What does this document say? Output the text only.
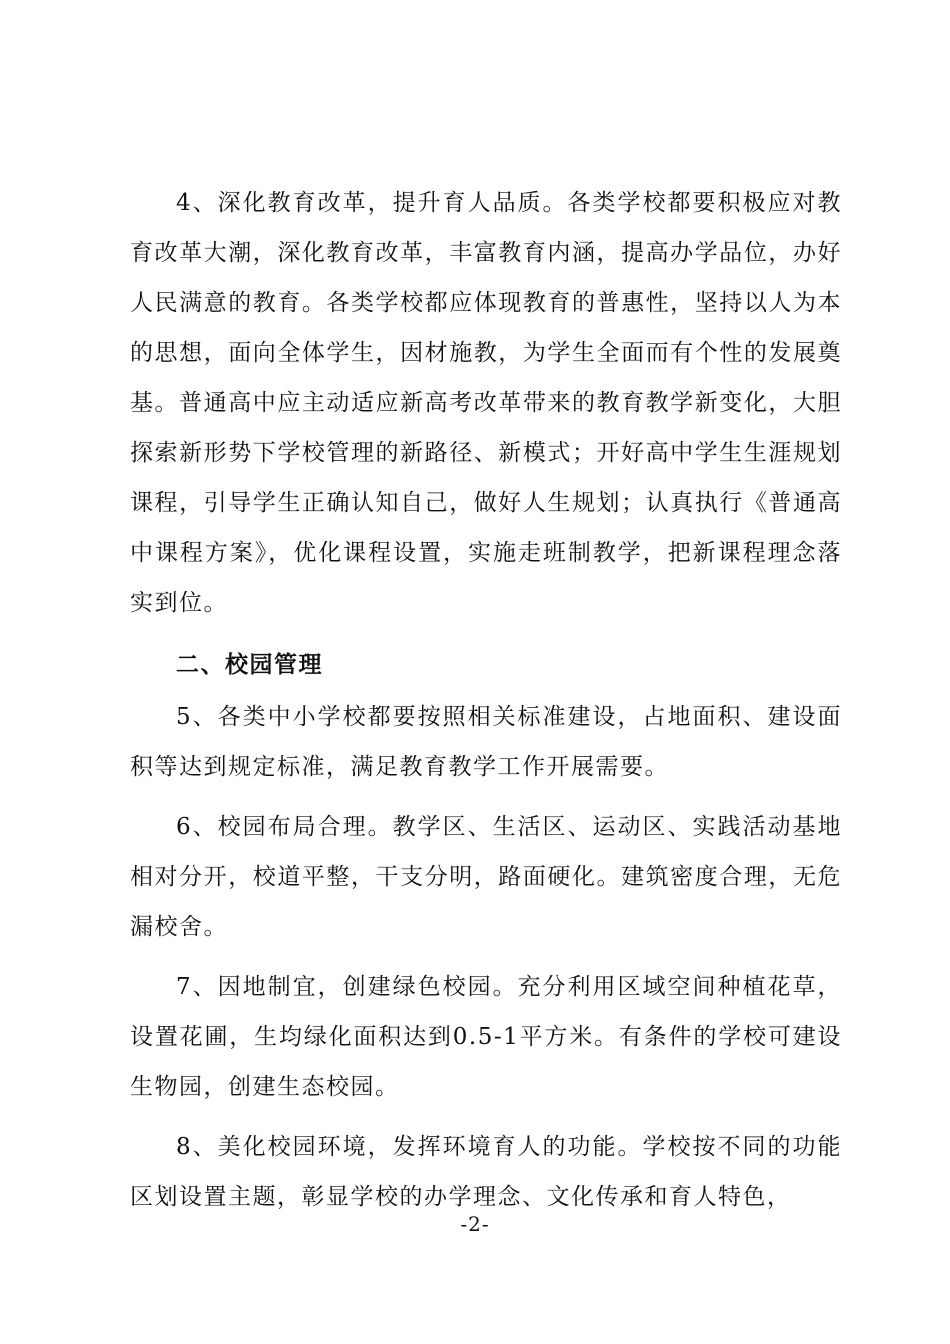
4、深化教育改革，提升育人品质。各类学校都要积极应对教育改革大潮，深化教育改革，丰富教育内涵，提高办学品位，办好人民满意的教育。各类学校都应体现教育的普惠性，坚持以人为本的思想，面向全体学生，因材施教，为学生全面而有个性的发展奠基。普通高中应主动适应新高考改革带来的教育教学新变化，大胆探索新形势下学校管理的新路径、新模式；开好高中学生生涯规划课程，引导学生正确认知自己，做好人生规划；认真执行《普通高中课程方案》，优化课程设置，实施走班制教学，把新课程理念落实到位。

二、校园管理

5、各类中小学校都要按照相关标准建设，占地面积、建设面积等达到规定标准，满足教育教学工作开展需要。

6、校园布局合理。教学区、生活区、运动区、实践活动基地相对分开，校道平整，干支分明，路面硬化。建筑密度合理，无危漏校舍。

7、因地制宜，创建绿色校园。充分利用区域空间种植花草，设置花圃，生均绿化面积达到0.5-1平方米。有条件的学校可建设生物园，创建生态校园。

8、美化校园环境，发挥环境育人的功能。学校按不同的功能区划设置主题，彰显学校的办学理念、文化传承和育人特色，

-2-
